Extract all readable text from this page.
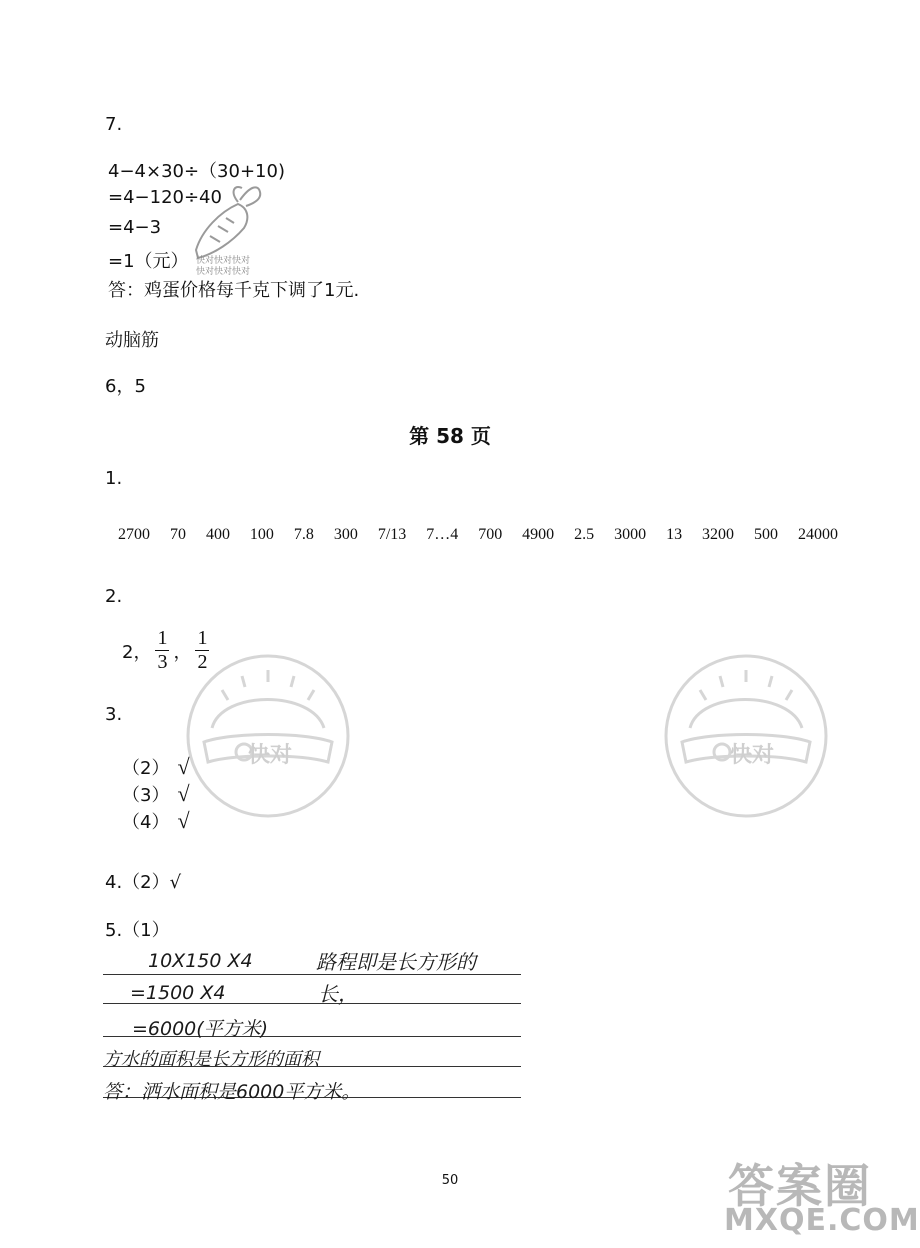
7.
4−4×30÷（30+10)
=4−120÷40
=4−3
=1（元）
答：鸡蛋价格每千克下调了1元.
快对快对快对
快对快对快对
动脑筋
6，5
第 58 页
1.
2700 70 400 100 7.8 300 7/13 7…4 700 4900 2.5 3000 13 3200 500 24000
2.
2， $\frac{1}{3}$ ， $\frac{1}{2}$
快对	快对
3.
（2） √
（3） √
（4） √
4.（2）√
5.（1）
10X150 X4	路程即是长方形的
=1500 X4	长，
=6000(平方米)
方水的面积是长方形的面积
答：洒水面积是6000平方米。
50	答案圈
MXQE.COM
